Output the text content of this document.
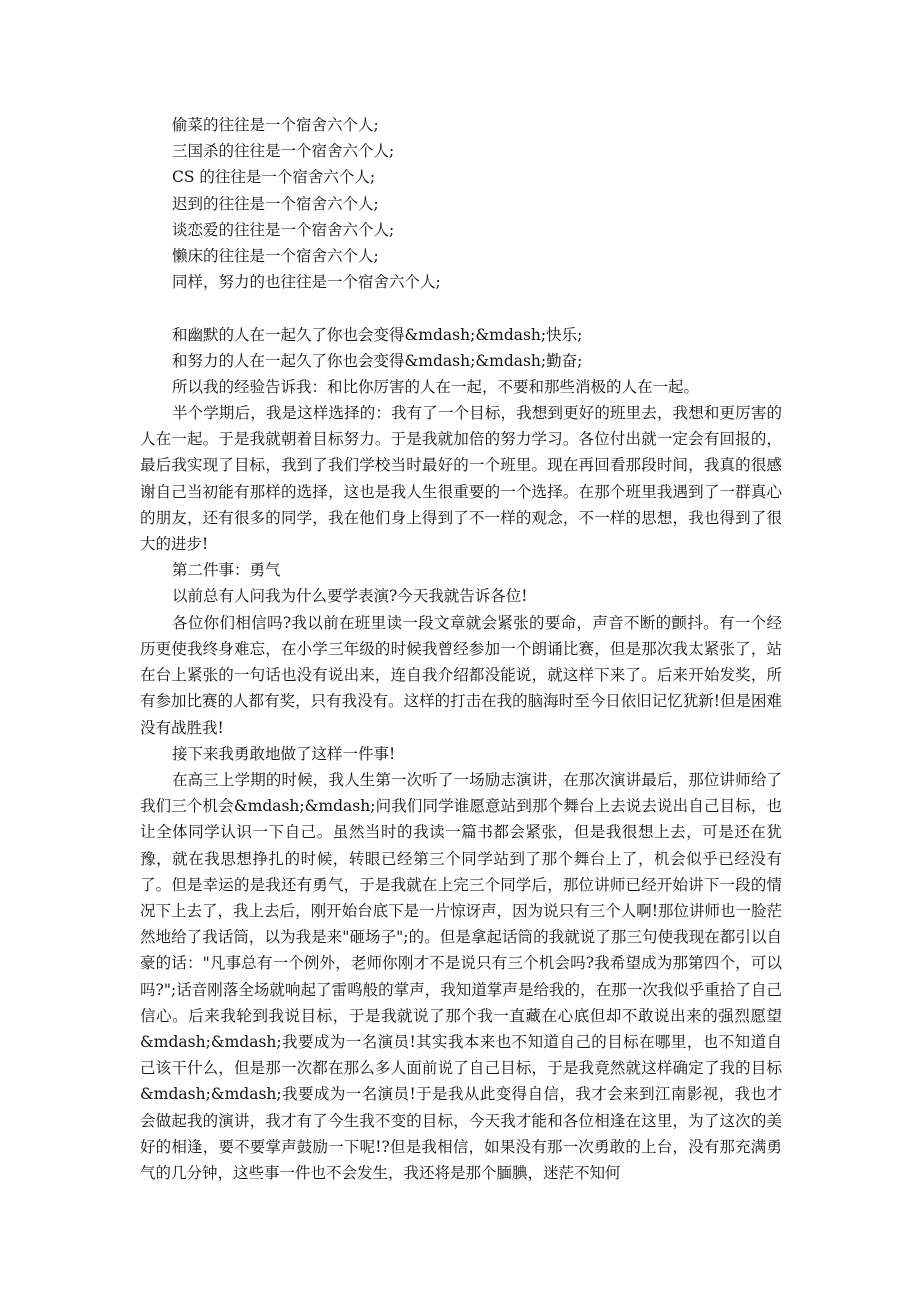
偷菜的往往是一个宿舍六个人;

三国杀的往往是一个宿舍六个人;

CS 的往往是一个宿舍六个人;

迟到的往往是一个宿舍六个人;

谈恋爱的往往是一个宿舍六个人;

懒床的往往是一个宿舍六个人;

同样，努力的也往往是一个宿舍六个人;

和幽默的人在一起久了你也会变得&mdash;&mdash;快乐;

和努力的人在一起久了你也会变得&mdash;&mdash;勤奋;

所以我的经验告诉我：和比你厉害的人在一起，不要和那些消极的人在一起。

半个学期后，我是这样选择的：我有了一个目标，我想到更好的班里去，我想和更厉害的人在一起。于是我就朝着目标努力。于是我就加倍的努力学习。各位付出就一定会有回报的，最后我实现了目标，我到了我们学校当时最好的一个班里。现在再回看那段时间，我真的很感谢自己当初能有那样的选择，这也是我人生很重要的一个选择。在那个班里我遇到了一群真心的朋友，还有很多的同学，我在他们身上得到了不一样的观念，不一样的思想，我也得到了很大的进步!

第二件事：勇气

以前总有人问我为什么要学表演?今天我就告诉各位!

各位你们相信吗?我以前在班里读一段文章就会紧张的要命，声音不断的颤抖。有一个经历更使我终身难忘，在小学三年级的时候我曾经参加一个朗诵比赛，但是那次我太紧张了，站在台上紧张的一句话也没有说出来，连自我介绍都没能说，就这样下来了。后来开始发奖，所有参加比赛的人都有奖，只有我没有。这样的打击在我的脑海时至今日依旧记忆犹新!但是困难没有战胜我!

接下来我勇敢地做了这样一件事!

在高三上学期的时候，我人生第一次听了一场励志演讲，在那次演讲最后，那位讲师给了我们三个机会&mdash;&mdash;问我们同学谁愿意站到那个舞台上去说去说出自己目标，也让全体同学认识一下自己。虽然当时的我读一篇书都会紧张，但是我很想上去，可是还在犹豫，就在我思想挣扎的时候，转眼已经第三个同学站到了那个舞台上了，机会似乎已经没有了。但是幸运的是我还有勇气，于是我就在上完三个同学后，那位讲师已经开始讲下一段的情况下上去了，我上去后，刚开始台底下是一片惊讶声，因为说只有三个人啊!那位讲师也一脸茫然地给了我话筒，以为我是来"砸场子";的。但是拿起话筒的我就说了那三句使我现在都引以自豪的话："凡事总有一个例外，老师你刚才不是说只有三个机会吗?我希望成为那第四个，可以吗?";话音刚落全场就响起了雷鸣般的掌声，我知道掌声是给我的，在那一次我似乎重拾了自己信心。后来我轮到我说目标，于是我就说了那个我一直藏在心底但却不敢说出来的强烈愿望&mdash;&mdash;我要成为一名演员!其实我本来也不知道自己的目标在哪里，也不知道自己该干什么，但是那一次都在那么多人面前说了自己目标，于是我竟然就这样确定了我的目标&mdash;&mdash;我要成为一名演员!于是我从此变得自信，我才会来到江南影视，我也才会做起我的演讲，我才有了今生我不变的目标，今天我才能和各位相逢在这里，为了这次的美好的相逢，要不要掌声鼓励一下呢!?但是我相信，如果没有那一次勇敢的上台，没有那充满勇气的几分钟，这些事一件也不会发生，我还将是那个腼腆，迷茫不知何
